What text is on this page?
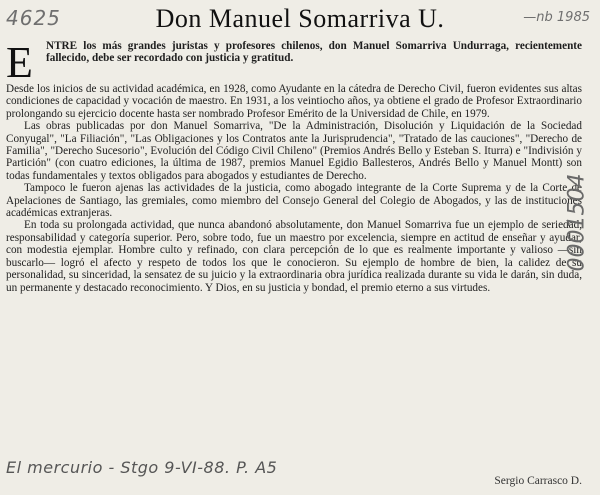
4625	—nb 1985
Don Manuel Somarriva U.
E	NTRE los más grandes juristas y profesores chilenos, don Manuel Somarriva Undurraga, recientemente fallecido, debe ser recordado con justicia y gratitud.

Desde los inicios de su actividad académica, en 1928, como Ayudante en la cátedra de Derecho Civil, fueron evidentes sus altas condiciones de capacidad y vocación de maestro. En 1931, a los veintiocho años, ya obtiene el grado de Profesor Extraordinario prolongando su ejercicio docente hasta ser nombrado Profesor Emérito de la Universidad de Chile, en 1979.

Las obras publicadas por don Manuel Somarriva, "De la Administración, Disolución y Liquidación de la Sociedad Conyugal", "La Filiación", "Las Obligaciones y los Contratos ante la Jurisprudencia", "Tratado de las cauciones", "Derecho de Familia", "Derecho Sucesorio", Evolución del Código Civil Chileno" (Premios Andrés Bello y Esteban S. Iturra) e "Indivisión y Partición" (con cuatro ediciones, la última de 1987, premios Manuel Egidio Ballesteros, Andrés Bello y Manuel Montt) son todas fundamentales y textos obligados para abogados y estudiantes de Derecho.

Tampoco le fueron ajenas las actividades de la justicia, como abogado integrante de la Corte Suprema y de la Corte de Apelaciones de Santiago, las gremiales, como miembro del Consejo General del Colegio de Abogados, y las de instituciones académicas extranjeras.

En toda su prolongada actividad, que nunca abandonó absolutamente, don Manuel Somarriva fue un ejemplo de seriedad, responsabilidad y categoría superior. Pero, sobre todo, fue un maestro por excelencia, siempre en actitud de enseñar y ayudar, con modestia ejemplar. Hombre culto y refinado, con clara percepción de lo que es realmente importante y valioso —sin buscarlo— logró el afecto y respeto de todos los que le conocieron. Su ejemplo de hombre de bien, la calidez de su personalidad, su sinceridad, la sensatez de su juicio y la extraordinaria obra jurídica realizada durante su vida le darán, sin duda, un permanente y destacado reconocimiento. Y Dios, en su justicia y bondad, el premio eterno a sus virtudes.

0001504
El mercurio - Stgo 9-VI-88. P. A5
Sergio Carrasco D.
